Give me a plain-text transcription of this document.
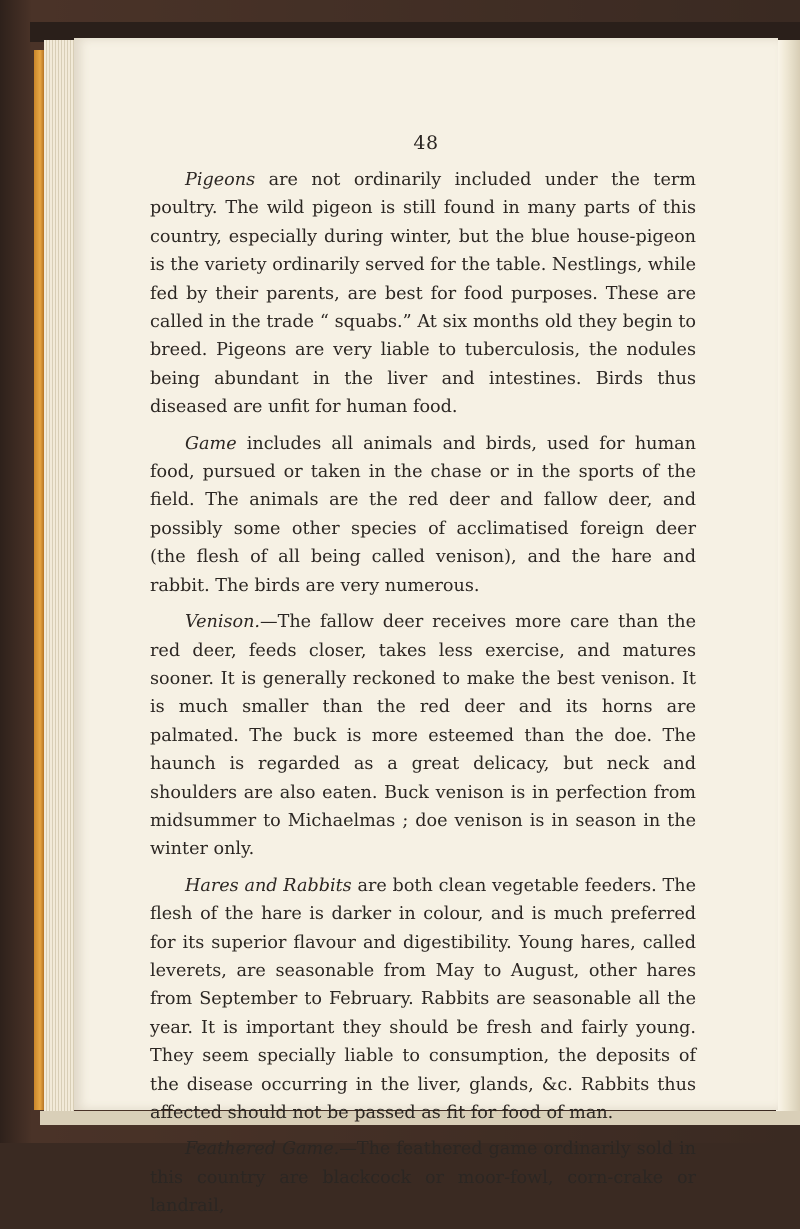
48

Pigeons are not ordinarily included under the term poultry. The wild pigeon is still found in many parts of this country, especially during winter, but the blue house-pigeon is the variety ordinarily served for the table. Nestlings, while fed by their parents, are best for food purposes. These are called in the trade “ squabs.” At six months old they begin to breed. Pigeons are very liable to tuberculosis, the nodules being abundant in the liver and intestines. Birds thus diseased are unfit for human food.

Game includes all animals and birds, used for human food, pursued or taken in the chase or in the sports of the field. The animals are the red deer and fallow deer, and possibly some other species of acclimatised foreign deer (the flesh of all being called venison), and the hare and rabbit. The birds are very numerous.

Venison.—The fallow deer receives more care than the red deer, feeds closer, takes less exercise, and matures sooner. It is generally reckoned to make the best venison. It is much smaller than the red deer and its horns are palmated. The buck is more esteemed than the doe. The haunch is regarded as a great delicacy, but neck and shoulders are also eaten. Buck venison is in perfection from midsummer to Michaelmas ; doe venison is in season in the winter only.

Hares and Rabbits are both clean vegetable feeders. The flesh of the hare is darker in colour, and is much preferred for its superior flavour and digestibility. Young hares, called leverets, are seasonable from May to August, other hares from September to February. Rabbits are seasonable all the year. It is important they should be fresh and fairly young. They seem specially liable to consumption, the deposits of the disease occurring in the liver, glands, &c. Rabbits thus affected should not be passed as fit for food of man.

Feathered Game.—The feathered game ordinarily sold in this country are blackcock or moor-fowl, corn-crake or landrail,
